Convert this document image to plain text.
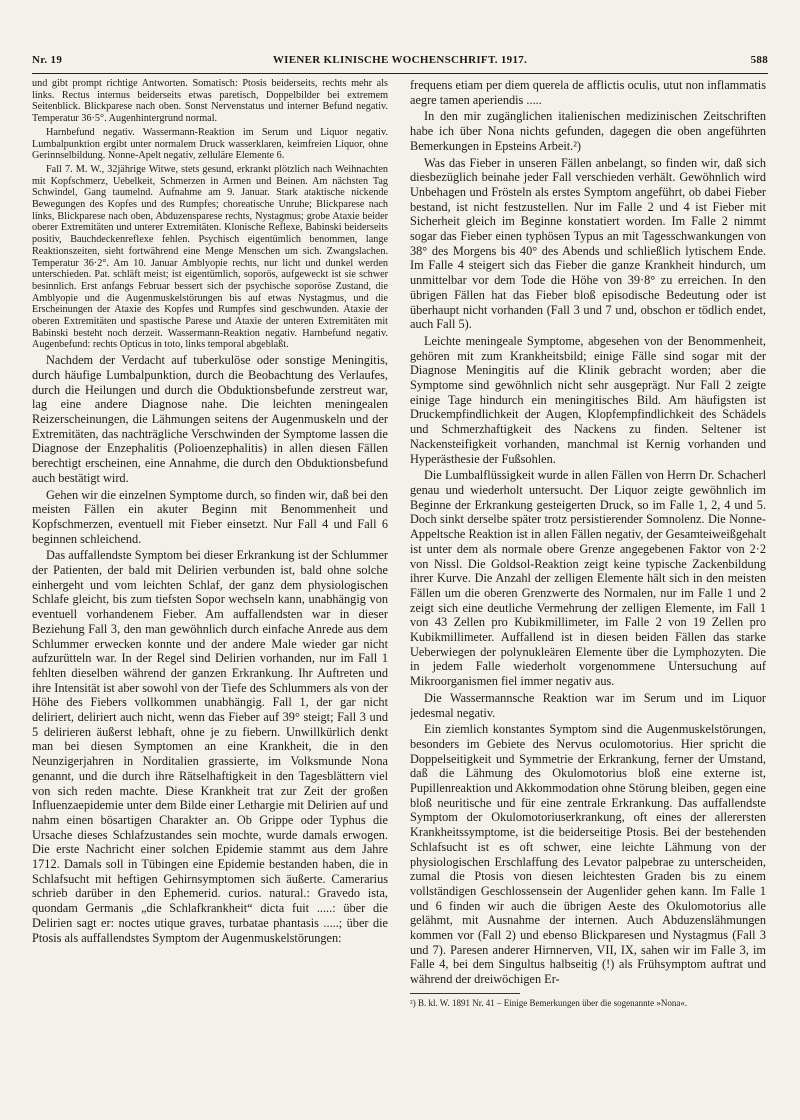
Nr. 19	WIENER KLINISCHE WOCHENSCHRIFT. 1917.	588

und gibt prompt richtige Antworten. Somatisch: Ptosis beiderseits, rechts mehr als links. Rectus internus beiderseits etwas paretisch, Doppelbilder bei extremem Seitenblick. Blickparese nach oben. Sonst Nervenstatus und interner Befund negativ. Temperatur 36·5°. Augenhintergrund normal.

Harnbefund negativ. Wassermann-Reaktion im Serum und Liquor negativ. Lumbalpunktion ergibt unter normalem Druck wasserklaren, keimfreien Liquor, ohne Gerinnselbildung. Nonne-Apelt negativ, zelluläre Elemente 6.

Fall 7. M. W., 32jährige Witwe, stets gesund, erkrankt plötzlich nach Weihnachten mit Kopfschmerz, Uebelkeit, Schmerzen in Armen und Beinen. Am nächsten Tag Schwindel, Gang taumelnd. Aufnahme am 9. Januar. Stark ataktische nickende Bewegungen des Kopfes und des Rumpfes; choreatische Unruhe; Blickparese nach links, Blickparese nach oben, Abduzensparese rechts, Nystagmus; grobe Ataxie beider oberer Extremitäten und unterer Extremitäten. Klonische Reflexe, Babinski beiderseits positiv, Bauchdeckenreflexe fehlen. Psychisch eigentümlich benommen, lange Reaktionszeiten, sieht fortwährend eine Menge Menschen um sich. Zwangslachen. Temperatur 36·2°. Am 10. Januar Amblyopie rechts, nur licht und dunkel werden unterschieden. Pat. schläft meist; ist eigentümlich, soporös, aufgeweckt ist sie schwer besinnlich. Erst anfangs Februar bessert sich der psychische soporöse Zustand, die Amblyopie und die Augenmuskelstörungen bis auf etwas Nystagmus, und die Erscheinungen der Ataxie des Kopfes und Rumpfes sind geschwunden. Ataxie der oberen Extremitäten und spastische Parese und Ataxie der unteren Extremitäten mit Babinski besteht noch derzeit. Wassermann-Reaktion negativ. Harnbefund negativ. Augenbefund: rechts Opticus in toto, links temporal abgeblaßt.

Nachdem der Verdacht auf tuberkulöse oder sonstige Meningitis, durch häufige Lumbalpunktion, durch die Beobachtung des Verlaufes, durch die Heilungen und durch die Obduktionsbefunde zerstreut war, lag eine andere Diagnose nahe. Die leichten meningealen Reizerscheinungen, die Lähmungen seitens der Augenmuskeln und der Extremitäten, das nachträgliche Verschwinden der Symptome lassen die Diagnose der Enzephalitis (Polioenzephalitis) in allen diesen Fällen berechtigt erscheinen, eine Annahme, die durch den Obduktionsbefund auch bestätigt wird.

Gehen wir die einzelnen Symptome durch, so finden wir, daß bei den meisten Fällen ein akuter Beginn mit Benommenheit und Kopfschmerzen, eventuell mit Fieber einsetzt. Nur Fall 4 und Fall 6 beginnen schleichend.

Das auffallendste Symptom bei dieser Erkrankung ist der Schlummer der Patienten, der bald mit Delirien verbunden ist, bald ohne solche einhergeht und vom leichten Schlaf, der ganz dem physiologischen Schlafe gleicht, bis zum tiefsten Sopor wechseln kann, unabhängig von eventuell vorhandenem Fieber. Am auffallendsten war in dieser Beziehung Fall 3, den man gewöhnlich durch einfache Anrede aus dem Schlummer erwecken konnte und der andere Male wieder gar nicht aufzurütteln war. In der Regel sind Delirien vorhanden, nur im Fall 1 fehlten dieselben während der ganzen Erkrankung. Ihr Auftreten und ihre Intensität ist aber sowohl von der Tiefe des Schlummers als von der Höhe des Fiebers vollkommen unabhängig. Fall 1, der gar nicht deliriert, deliriert auch nicht, wenn das Fieber auf 39° steigt; Fall 3 und 5 delirieren äußerst lebhaft, ohne je zu fiebern. Unwillkürlich denkt man bei diesen Symptomen an eine Krankheit, die in den Neunzigerjahren in Norditalien grassierte, im Volksmunde Nona genannt, und die durch ihre Rätselhaftigkeit in den Tagesblättern viel von sich reden machte. Diese Krankheit trat zur Zeit der großen Influenzaepidemie unter dem Bilde einer Lethargie mit Delirien auf und nahm einen bösartigen Charakter an. Ob Grippe oder Typhus die Ursache dieses Schlafzustandes sein mochte, wurde damals erwogen. Die erste Nachricht einer solchen Epidemie stammt aus dem Jahre 1712. Damals soll in Tübingen eine Epidemie bestanden haben, die in Schlafsucht mit heftigen Gehirnsymptomen sich äußerte. Camerarius schrieb darüber in den Ephemerid. curios. natural.: Gravedo ista, quondam Germanis „die Schlafkrankheit“ dicta fuit .....: über die Delirien sagt er: noctes utique graves, turbatae phantasis .....; über die Ptosis als auffallendstes Symptom der Augenmuskelstörungen:

frequens etiam per diem querela de afflictis oculis, utut non inflammatis aegre tamen aperiendis .....

In den mir zugänglichen italienischen medizinischen Zeitschriften habe ich über Nona nichts gefunden, dagegen die oben angeführten Bemerkungen in Epsteins Arbeit.²)

Was das Fieber in unseren Fällen anbelangt, so finden wir, daß sich diesbezüglich beinahe jeder Fall verschieden verhält. Gewöhnlich wird Unbehagen und Frösteln als erstes Symptom angeführt, ob dabei Fieber bestand, ist nicht festzustellen. Nur im Falle 2 und 4 ist Fieber mit Sicherheit gleich im Beginne konstatiert worden. Im Falle 2 nimmt sogar das Fieber einen typhösen Typus an mit Tagesschwankungen von 38° des Morgens bis 40° des Abends und schließlich lytischem Ende. Im Falle 4 steigert sich das Fieber die ganze Krankheit hindurch, um unmittelbar vor dem Tode die Höhe von 39·8° zu erreichen. In den übrigen Fällen hat das Fieber bloß episodische Bedeutung oder ist überhaupt nicht vorhanden (Fall 3 und 7 und, obschon er tödlich endet, auch Fall 5).

Leichte meningeale Symptome, abgesehen von der Benommenheit, gehören mit zum Krankheitsbild; einige Fälle sind sogar mit der Diagnose Meningitis auf die Klinik gebracht worden; aber die Symptome sind gewöhnlich nicht sehr ausgeprägt. Nur Fall 2 zeigte einige Tage hindurch ein meningitisches Bild. Am häufigsten ist Druckempfindlichkeit der Augen, Klopfempfindlichkeit des Schädels und Schmerzhaftigkeit des Nackens zu finden. Seltener ist Nackensteifigkeit vorhanden, manchmal ist Kernig vorhanden und Hyperästhesie der Fußsohlen.

Die Lumbalflüssigkeit wurde in allen Fällen von Herrn Dr. Schacherl genau und wiederholt untersucht. Der Liquor zeigte gewöhnlich im Beginne der Erkrankung gesteigerten Druck, so im Falle 1, 2, 4 und 5. Doch sinkt derselbe später trotz persistierender Somnolenz. Die Nonne-Appeltsche Reaktion ist in allen Fällen negativ, der Gesamteiweißgehalt ist unter dem als normale obere Grenze angegebenen Faktor von 2·2 von Nissl. Die Goldsol-Reaktion zeigt keine typische Zackenbildung ihrer Kurve. Die Anzahl der zelligen Elemente hält sich in den meisten Fällen um die oberen Grenzwerte des Normalen, nur im Falle 1 und 2 zeigt sich eine deutliche Vermehrung der zelligen Elemente, im Fall 1 von 43 Zellen pro Kubikmillimeter, im Falle 2 von 19 Zellen pro Kubikmillimeter. Auffallend ist in diesen beiden Fällen das starke Ueberwiegen der polynukleären Elemente über die Lymphozyten. Die in jedem Falle wiederholt vorgenommene Untersuchung auf Mikroorganismen fiel immer negativ aus.

Die Wassermannsche Reaktion war im Serum und im Liquor jedesmal negativ.

Ein ziemlich konstantes Symptom sind die Augenmuskelstörungen, besonders im Gebiete des Nervus oculomotorius. Hier spricht die Doppelseitigkeit und Symmetrie der Erkrankung, ferner der Umstand, daß die Lähmung des Okulomotorius bloß eine externe ist, Pupillenreaktion und Akkommodation ohne Störung bleiben, gegen eine bloß neuritische und für eine zentrale Erkrankung. Das auffallendste Symptom der Okulomotoriuserkrankung, oft eines der allerersten Krankheitssymptome, ist die beiderseitige Ptosis. Bei der bestehenden Schlafsucht ist es oft schwer, eine leichte Lähmung von der physiologischen Erschlaffung des Levator palpebrae zu unterscheiden, zumal die Ptosis von diesen leichtesten Graden bis zu einem vollständigen Geschlossensein der Augenlider gehen kann. Im Falle 1 und 6 finden wir auch die übrigen Aeste des Okulomotorius alle gelähmt, mit Ausnahme der internen. Auch Abduzenslähmungen kommen vor (Fall 2) und ebenso Blickparesen und Nystagmus (Fall 3 und 7). Paresen anderer Hirnnerven, VII, IX, sahen wir im Falle 3, im Falle 4, bei dem Singultus halbseitig (!) als Frühsymptom auftrat und während der dreiwöchigen Er-

²) B. kl. W. 1891 Nr. 41 – Einige Bemerkungen über die sogenannte »Nona«.
